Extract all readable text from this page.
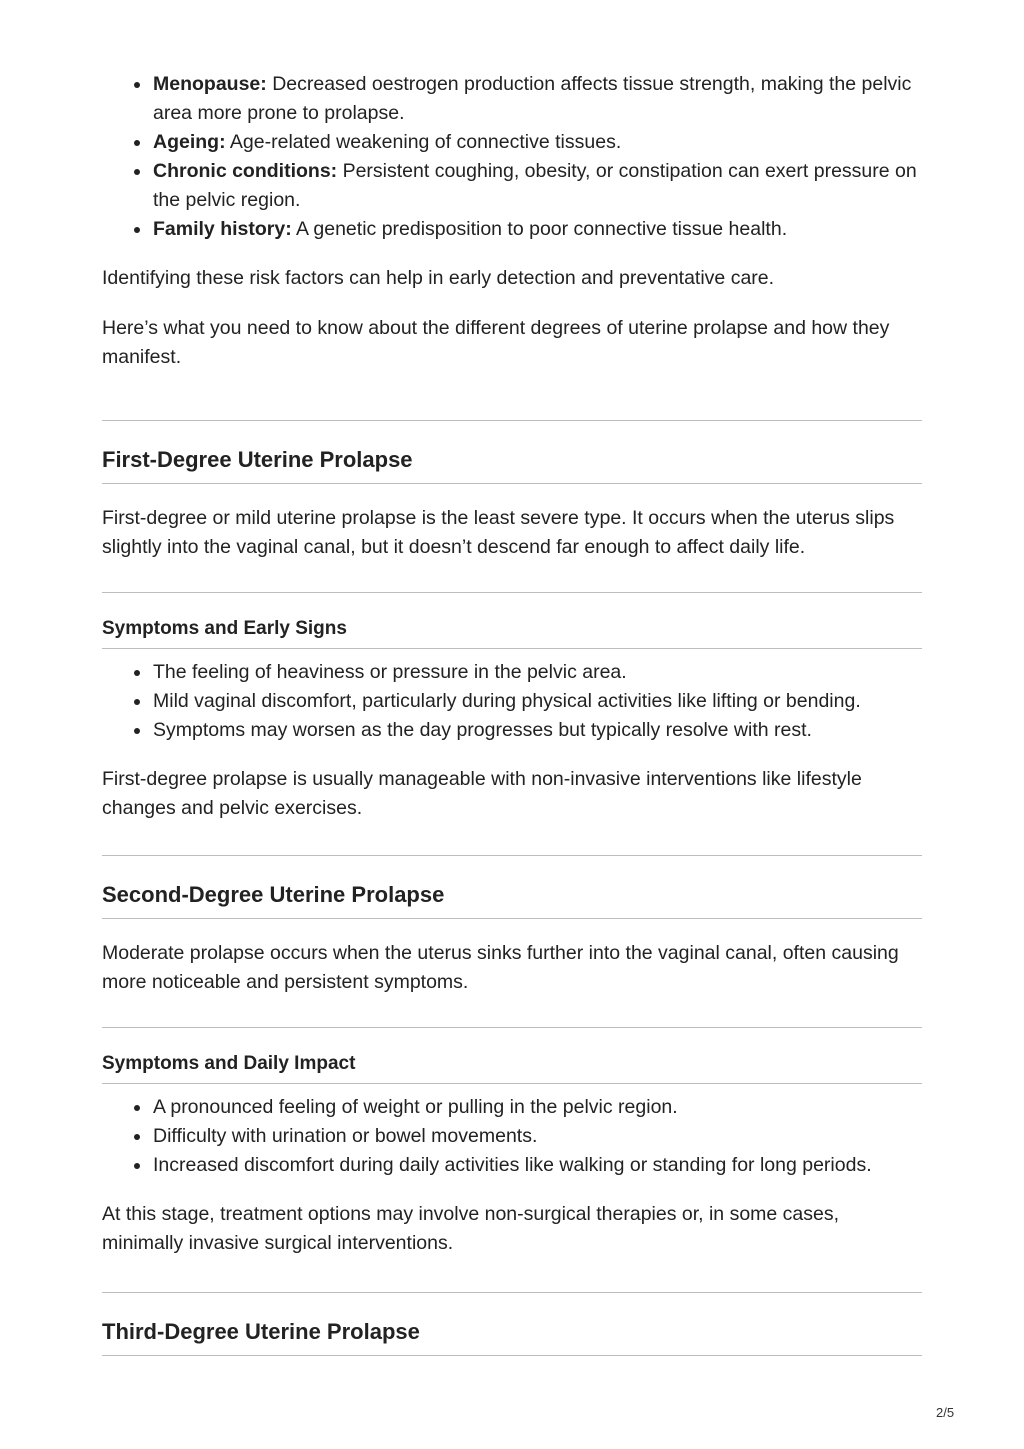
Menopause: Decreased oestrogen production affects tissue strength, making the pelvic area more prone to prolapse.
Ageing: Age-related weakening of connective tissues.
Chronic conditions: Persistent coughing, obesity, or constipation can exert pressure on the pelvic region.
Family history: A genetic predisposition to poor connective tissue health.

Identifying these risk factors can help in early detection and preventative care.

Here’s what you need to know about the different degrees of uterine prolapse and how they manifest.

First-Degree Uterine Prolapse

First-degree or mild uterine prolapse is the least severe type. It occurs when the uterus slips slightly into the vaginal canal, but it doesn’t descend far enough to affect daily life.

Symptoms and Early Signs
The feeling of heaviness or pressure in the pelvic area.
Mild vaginal discomfort, particularly during physical activities like lifting or bending.
Symptoms may worsen as the day progresses but typically resolve with rest.

First-degree prolapse is usually manageable with non-invasive interventions like lifestyle changes and pelvic exercises.

Second-Degree Uterine Prolapse

Moderate prolapse occurs when the uterus sinks further into the vaginal canal, often causing more noticeable and persistent symptoms.

Symptoms and Daily Impact
A pronounced feeling of weight or pulling in the pelvic region.
Difficulty with urination or bowel movements.
Increased discomfort during daily activities like walking or standing for long periods.

At this stage, treatment options may involve non-surgical therapies or, in some cases, minimally invasive surgical interventions.

Third-Degree Uterine Prolapse
2/5
